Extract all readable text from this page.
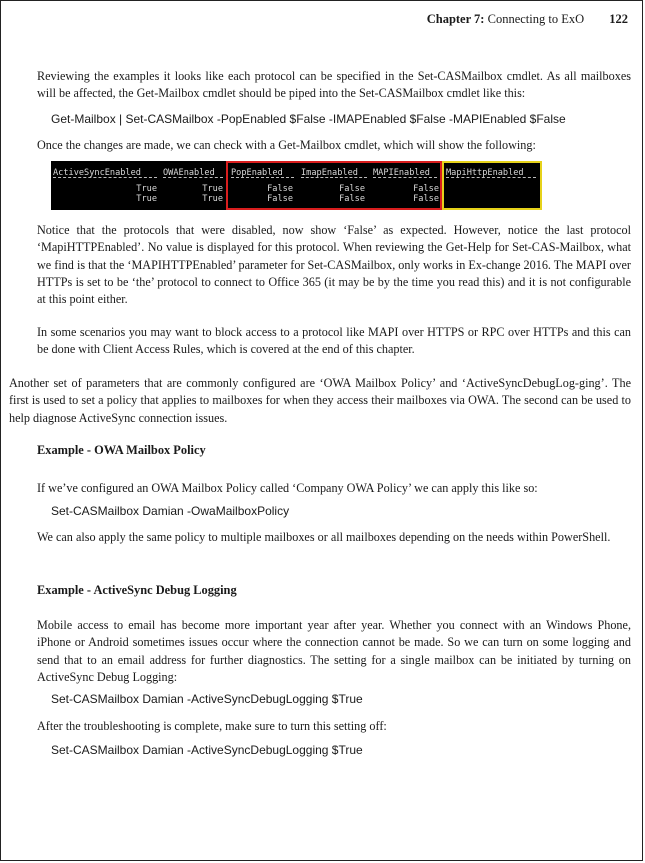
Chapter 7: Connecting to ExO 122

Reviewing the examples it looks like each protocol can be specified in the Set-CASMailbox cmdlet. As all mailboxes will be affected, the Get-Mailbox cmdlet should be piped into the Set-CASMailbox cmdlet like this:

Get-Mailbox | Set-CASMailbox -PopEnabled $False -IMAPEnabled $False -MAPIEnabled $False

Once the changes are made, we can check with a Get-Mailbox cmdlet, which will show the following:

ActiveSyncEnabled
True
True
OWAEnabled
True
True
PopEnabled
False
False
ImapEnabled
False
False
MAPIEnabled
False
False
MapiHttpEnabled

Notice that the protocols that were disabled, now show ‘False’ as expected. However, notice the last protocol ‘MapiHTTPEnabled’. No value is displayed for this protocol. When reviewing the Get-Help for Set-CAS-Mailbox, what we find is that the ‘MAPIHTTPEnabled’ parameter for Set-CASMailbox, only works in Ex-change 2016. The MAPI over HTTPs is set to be ‘the’ protocol to connect to Office 365 (it may be by the time you read this) and it is not configurable at this point either.

In some scenarios you may want to block access to a protocol like MAPI over HTTPS or RPC over HTTPs and this can be done with Client Access Rules, which is covered at the end of this chapter.

Another set of parameters that are commonly configured are ‘OWA Mailbox Policy’ and ‘ActiveSyncDebugLog-ging’. The first is used to set a policy that applies to mailboxes for when they access their mailboxes via OWA. The second can be used to help diagnose ActiveSync connection issues.

Example - OWA Mailbox Policy

If we’ve configured an OWA Mailbox Policy called ‘Company OWA Policy’ we can apply this like so:

Set-CASMailbox Damian -OwaMailboxPolicy

We can also apply the same policy to multiple mailboxes or all mailboxes depending on the needs within PowerShell.

Example - ActiveSync Debug Logging

Mobile access to email has become more important year after year. Whether you connect with an Windows Phone, iPhone or Android sometimes issues occur where the connection cannot be made. So we can turn on some logging and send that to an email address for further diagnostics. The setting for a single mailbox can be initiated by turning on ActiveSync Debug Logging:

Set-CASMailbox Damian -ActiveSyncDebugLogging $True

After the troubleshooting is complete, make sure to turn this setting off:

Set-CASMailbox Damian -ActiveSyncDebugLogging $True
